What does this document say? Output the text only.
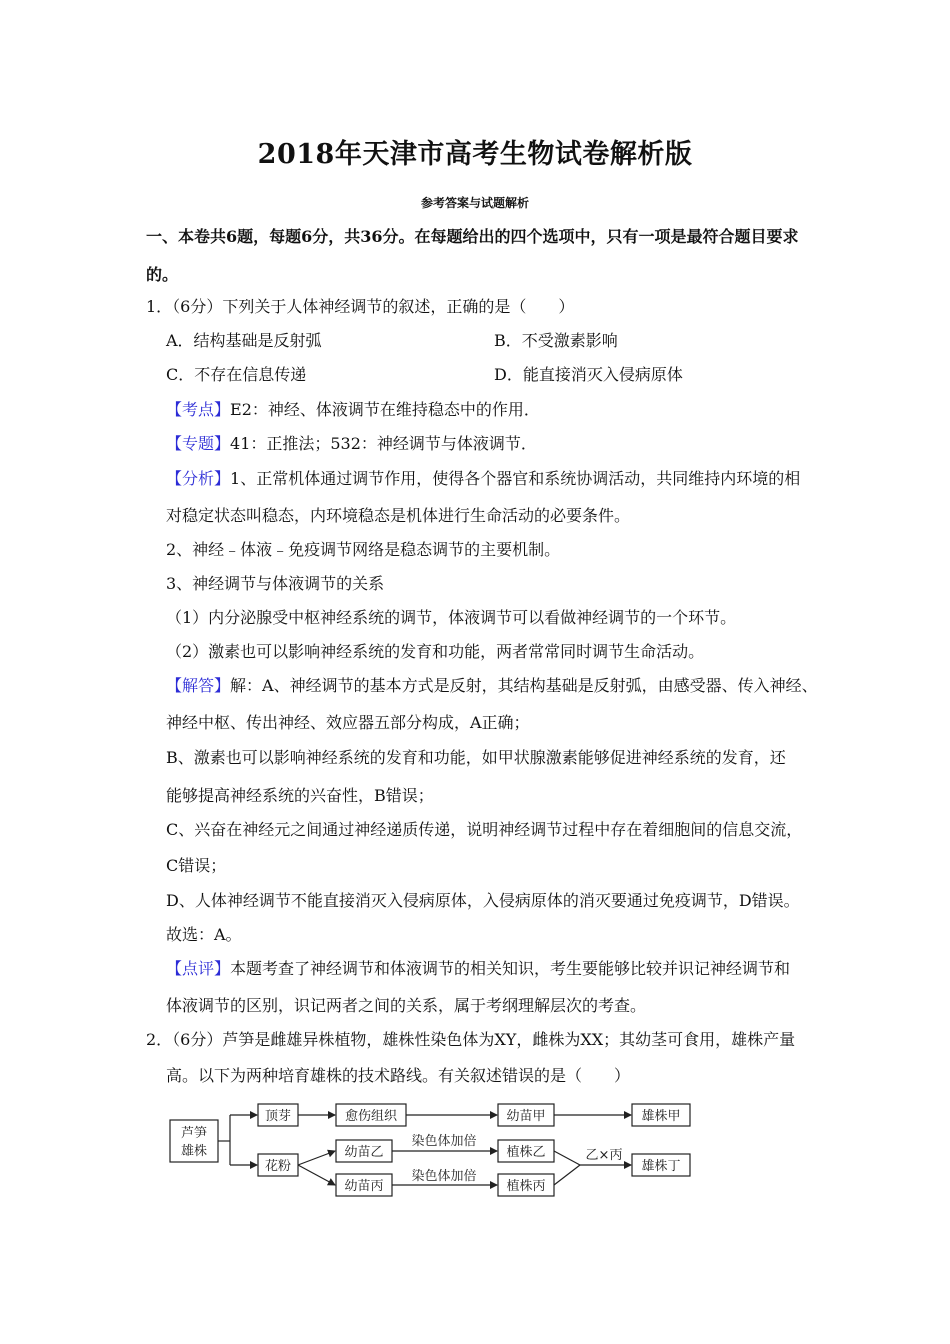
2018年天津市高考生物试卷解析版
参考答案与试题解析
一、本卷共6题，每题6分，共36分。在每题给出的四个选项中，只有一项是最符合题目要求
的。
1．（6分）下列关于人体神经调节的叙述，正确的是（　　）
A．结构基础是反射弧	B．不受激素影响
C．不存在信息传递	D．能直接消灭入侵病原体
【考点】E2：神经、体液调节在维持稳态中的作用．
【专题】41：正推法；532：神经调节与体液调节．
【分析】1、正常机体通过调节作用，使得各个器官和系统协调活动，共同维持内环境的相
对稳定状态叫稳态，内环境稳态是机体进行生命活动的必要条件。
2、神经﹣体液﹣免疫调节网络是稳态调节的主要机制。
3、神经调节与体液调节的关系
（1）内分泌腺受中枢神经系统的调节，体液调节可以看做神经调节的一个环节。
（2）激素也可以影响神经系统的发育和功能，两者常常同时调节生命活动。
【解答】解：A、神经调节的基本方式是反射，其结构基础是反射弧，由感受器、传入神经、
神经中枢、传出神经、效应器五部分构成，A正确；
B、激素也可以影响神经系统的发育和功能，如甲状腺激素能够促进神经系统的发育，还
能够提高神经系统的兴奋性，B错误；
C、兴奋在神经元之间通过神经递质传递，说明神经调节过程中存在着细胞间的信息交流，
C错误；
D、人体神经调节不能直接消灭入侵病原体，入侵病原体的消灭要通过免疫调节，D错误。
故选：A。
【点评】本题考查了神经调节和体液调节的相关知识，考生要能够比较并识记神经调节和
体液调节的区别，识记两者之间的关系，属于考纲理解层次的考查。
2．（6分）芦笋是雌雄异株植物，雄株性染色体为XY，雌株为XX；其幼茎可食用，雄株产量
高。以下为两种培育雄株的技术路线。有关叙述错误的是（　　）
芦笋
雄株
顶芽	愈伤组织	幼苗甲	雄株甲
花粉
幼苗乙
幼苗丙
染色体加倍
染色体加倍
植株乙
植株丙
乙×丙
雄株丁
